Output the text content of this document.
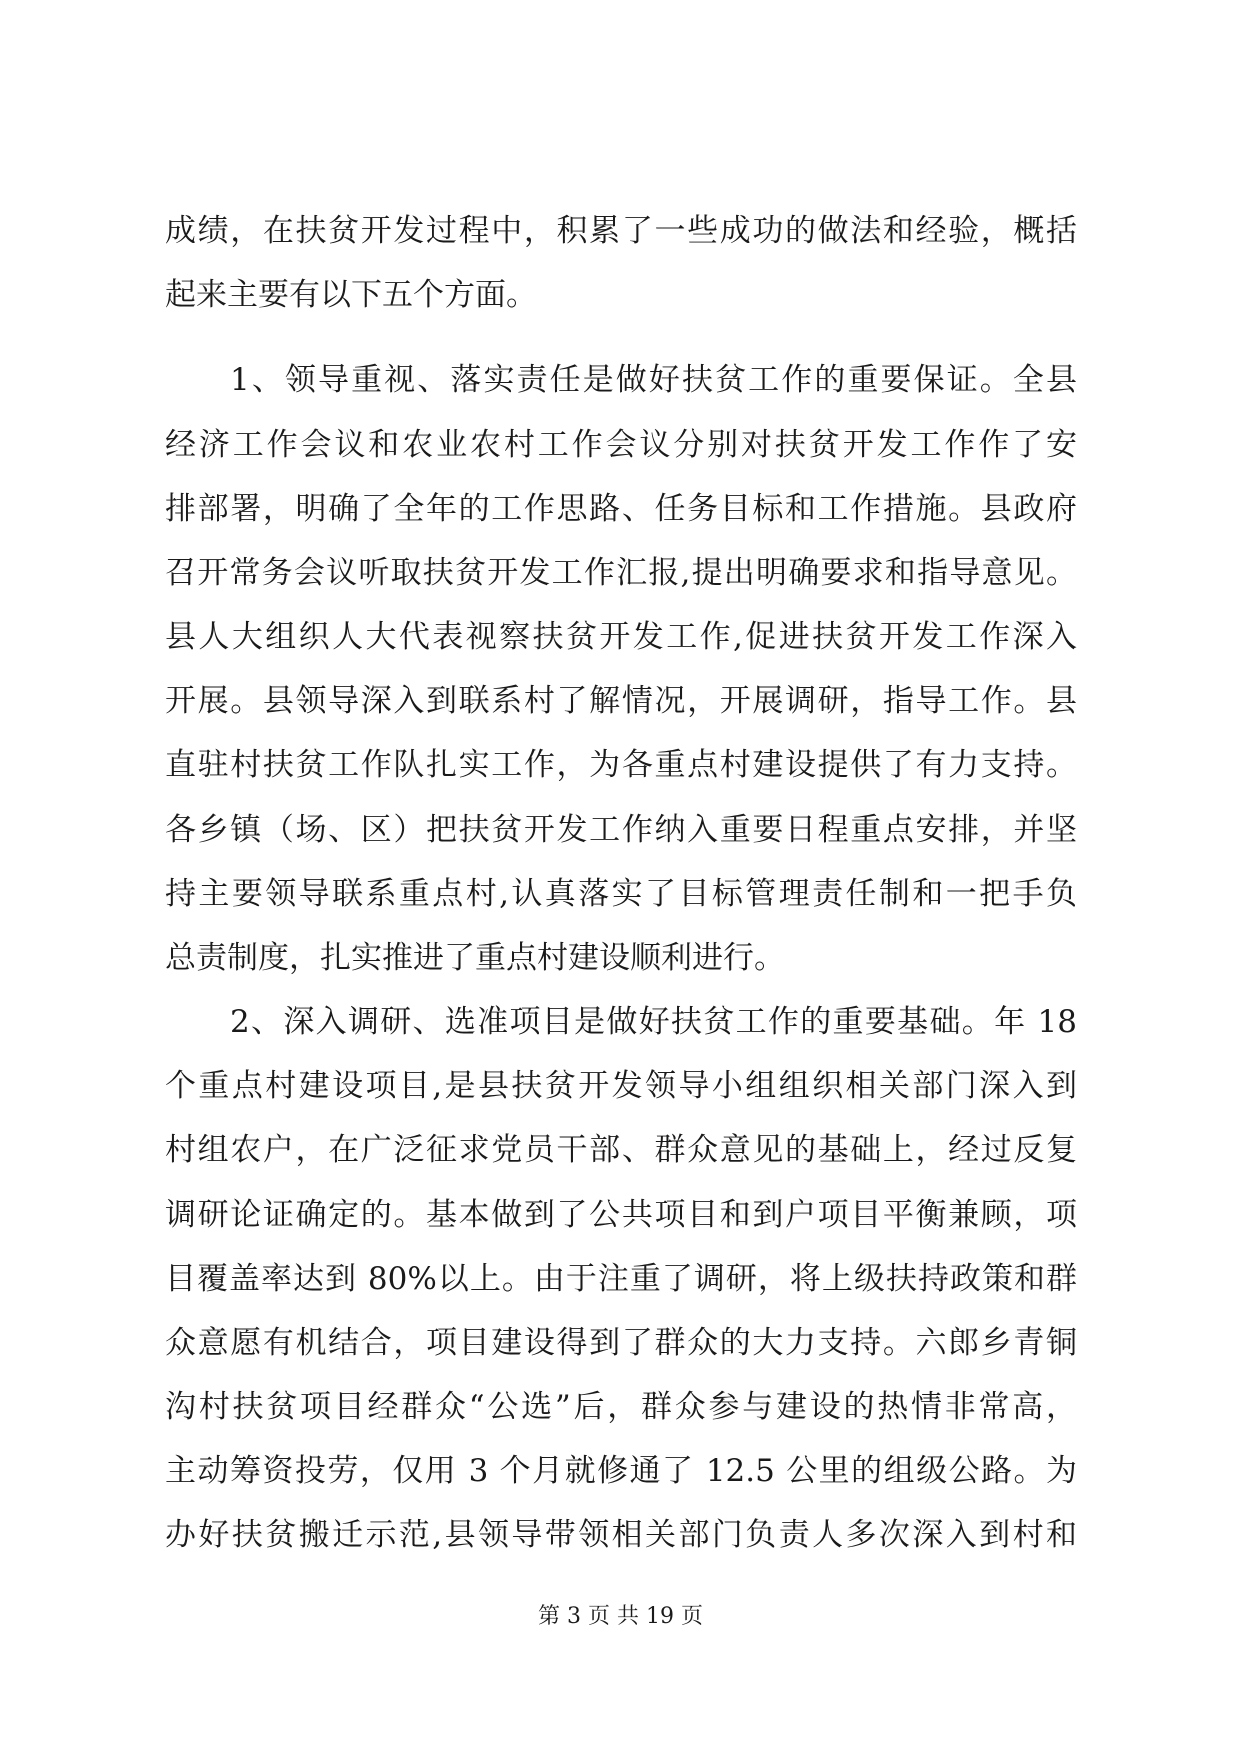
成绩，在扶贫开发过程中，积累了一些成功的做法和经验，概括
起来主要有以下五个方面。
1、领导重视、落实责任是做好扶贫工作的重要保证。全县
经济工作会议和农业农村工作会议分别对扶贫开发工作作了安
排部署，明确了全年的工作思路、任务目标和工作措施。县政府
召开常务会议听取扶贫开发工作汇报,提出明确要求和指导意见。
县人大组织人大代表视察扶贫开发工作,促进扶贫开发工作深入
开展。县领导深入到联系村了解情况，开展调研，指导工作。县
直驻村扶贫工作队扎实工作，为各重点村建设提供了有力支持。
各乡镇（场、区）把扶贫开发工作纳入重要日程重点安排，并坚
持主要领导联系重点村,认真落实了目标管理责任制和一把手负
总责制度，扎实推进了重点村建设顺利进行。
2、深入调研、选准项目是做好扶贫工作的重要基础。年 18
个重点村建设项目,是县扶贫开发领导小组组织相关部门深入到
村组农户，在广泛征求党员干部、群众意见的基础上，经过反复
调研论证确定的。基本做到了公共项目和到户项目平衡兼顾，项
目覆盖率达到 80%以上。由于注重了调研，将上级扶持政策和群
众意愿有机结合，项目建设得到了群众的大力支持。六郎乡青铜
沟村扶贫项目经群众“公选”后，群众参与建设的热情非常高，
主动筹资投劳，仅用 3 个月就修通了 12.5 公里的组级公路。为
办好扶贫搬迁示范,县领导带领相关部门负责人多次深入到村和
第 3 页 共 19 页
